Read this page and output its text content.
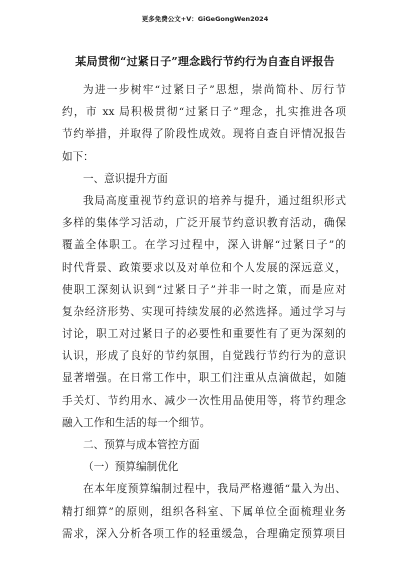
更多免费公文+V：GiGeGongWen2024
某局贯彻“过紧日子”理念践行节约行为自查自评报告
为进一步树牢“过紧日子”思想，崇尚简朴、厉行节
约，市 xx 局积极贯彻“过紧日子”理念，扎实推进各项
节约举措，并取得了阶段性成效。现将自查自评情况报告
如下：
一、意识提升方面
我局高度重视节约意识的培养与提升，通过组织形式
多样的集体学习活动，广泛开展节约意识教育活动，确保
覆盖全体职工。在学习过程中，深入讲解“过紧日子”的
时代背景、政策要求以及对单位和个人发展的深远意义，
使职工深刻认识到“过紧日子”并非一时之策，而是应对
复杂经济形势、实现可持续发展的必然选择。通过学习与
讨论，职工对过紧日子的必要性和重要性有了更为深刻的
认识，形成了良好的节约氛围，自觉践行节约行为的意识
显著增强。在日常工作中，职工们注重从点滴做起，如随
手关灯、节约用水、减少一次性用品使用等，将节约理念
融入工作和生活的每一个细节。
二、预算与成本管控方面
（一）预算编制优化
在本年度预算编制过程中，我局严格遵循“量入为出、
精打细算”的原则，组织各科室、下属单位全面梳理业务
需求，深入分析各项工作的轻重缓急，合理确定预算项目
